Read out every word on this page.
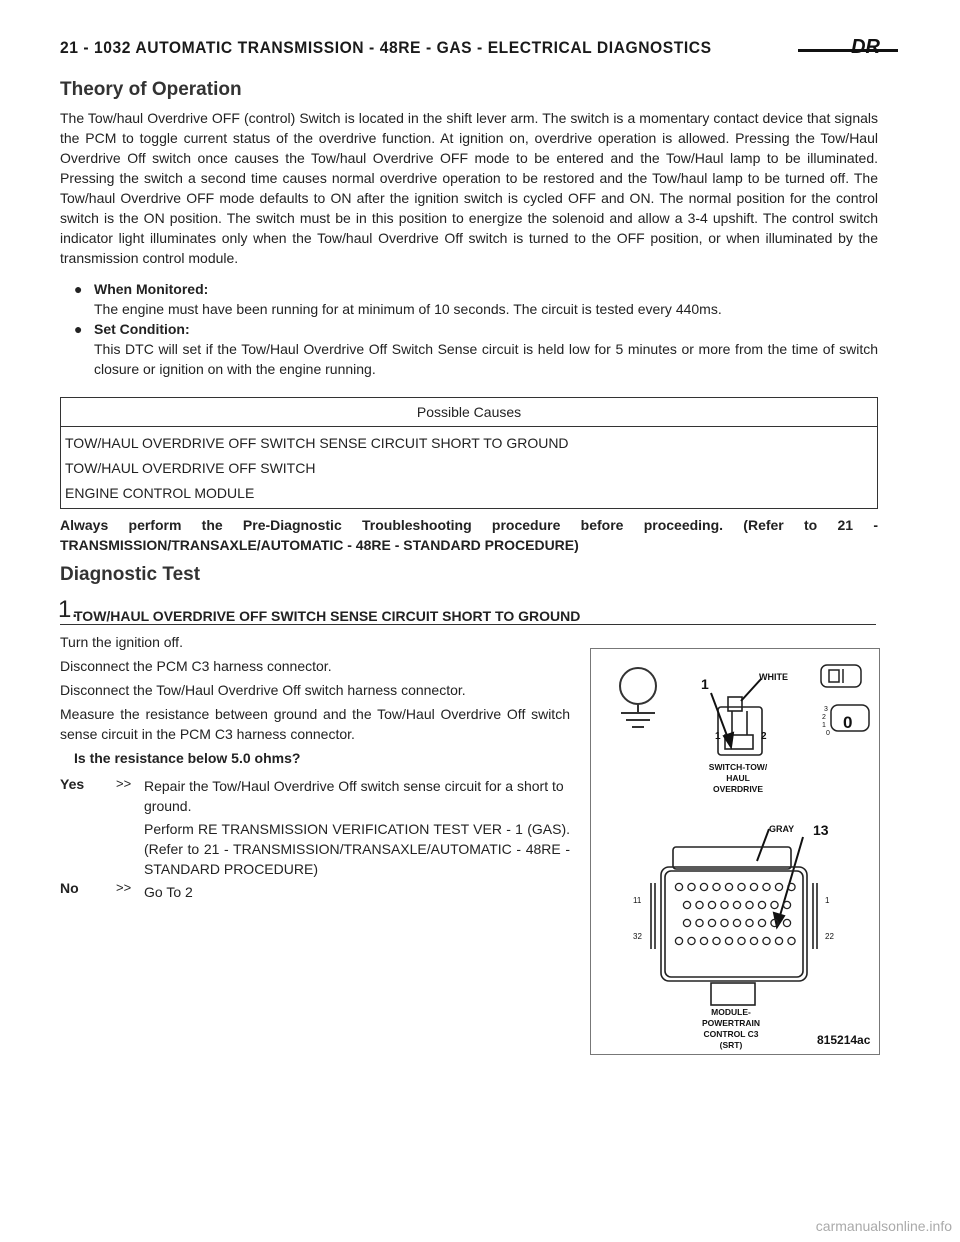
21 - 1032 AUTOMATIC TRANSMISSION - 48RE - GAS - ELECTRICAL DIAGNOSTICS	DR
Theory of Operation

The Tow/haul Overdrive OFF (control) Switch is located in the shift lever arm. The switch is a momentary contact device that signals the PCM to toggle current status of the overdrive function. At ignition on, overdrive operation is allowed. Pressing the Tow/Haul Overdrive Off switch once causes the Tow/haul Overdrive OFF mode to be entered and the Tow/Haul lamp to be illuminated. Pressing the switch a second time causes normal overdrive operation to be restored and the Tow/haul lamp to be turned off. The Tow/haul Overdrive OFF mode defaults to ON after the ignition switch is cycled OFF and ON. The normal position for the control switch is the ON position. The switch must be in this position to energize the solenoid and allow a 3-4 upshift. The control switch indicator light illuminates only when the Tow/haul Overdrive Off switch is turned to the OFF position, or when illuminated by the transmission control module.

● When Monitored:
The engine must have been running for at minimum of 10 seconds. The circuit is tested every 440ms.
● Set Condition:
This DTC will set if the Tow/Haul Overdrive Off Switch Sense circuit is held low for 5 minutes or more from the time of switch closure or ignition on with the engine running.
Possible Causes
TOW/HAUL OVERDRIVE OFF SWITCH SENSE CIRCUIT SHORT TO GROUND
TOW/HAUL OVERDRIVE OFF SWITCH
ENGINE CONTROL MODULE
Always perform the Pre-Diagnostic Troubleshooting procedure before proceeding. (Refer to 21 - TRANSMISSION/TRANSAXLE/AUTOMATIC - 48RE - STANDARD PROCEDURE)
Diagnostic Test
1.
TOW/HAUL OVERDRIVE OFF SWITCH SENSE CIRCUIT SHORT TO GROUND
Turn the ignition off.
Disconnect the PCM C3 harness connector.
Disconnect the Tow/Haul Overdrive Off switch harness connector.
Measure the resistance between ground and the Tow/Haul Overdrive Off switch sense circuit in the PCM C3 harness connector.
Is the resistance below 5.0 ohms?
Yes >> Repair the Tow/Haul Overdrive Off switch sense circuit for a short to ground.
Perform RE TRANSMISSION VERIFICATION TEST VER - 1 (GAS). (Refer to 21 - TRANSMISSION/TRANSAXLE/AUTOMATIC - 48RE - STANDARD PROCEDURE)
No	>> Go To 2
1	WHITE
1	2
SWITCH-TOW/
HAUL
OVERDRIVE
3
2
1
0
0
GRAY 13
11	1
32	22
MODULE-
POWERTRAIN
CONTROL C3
(SRT)	815214ac
carmanualsonline.info
